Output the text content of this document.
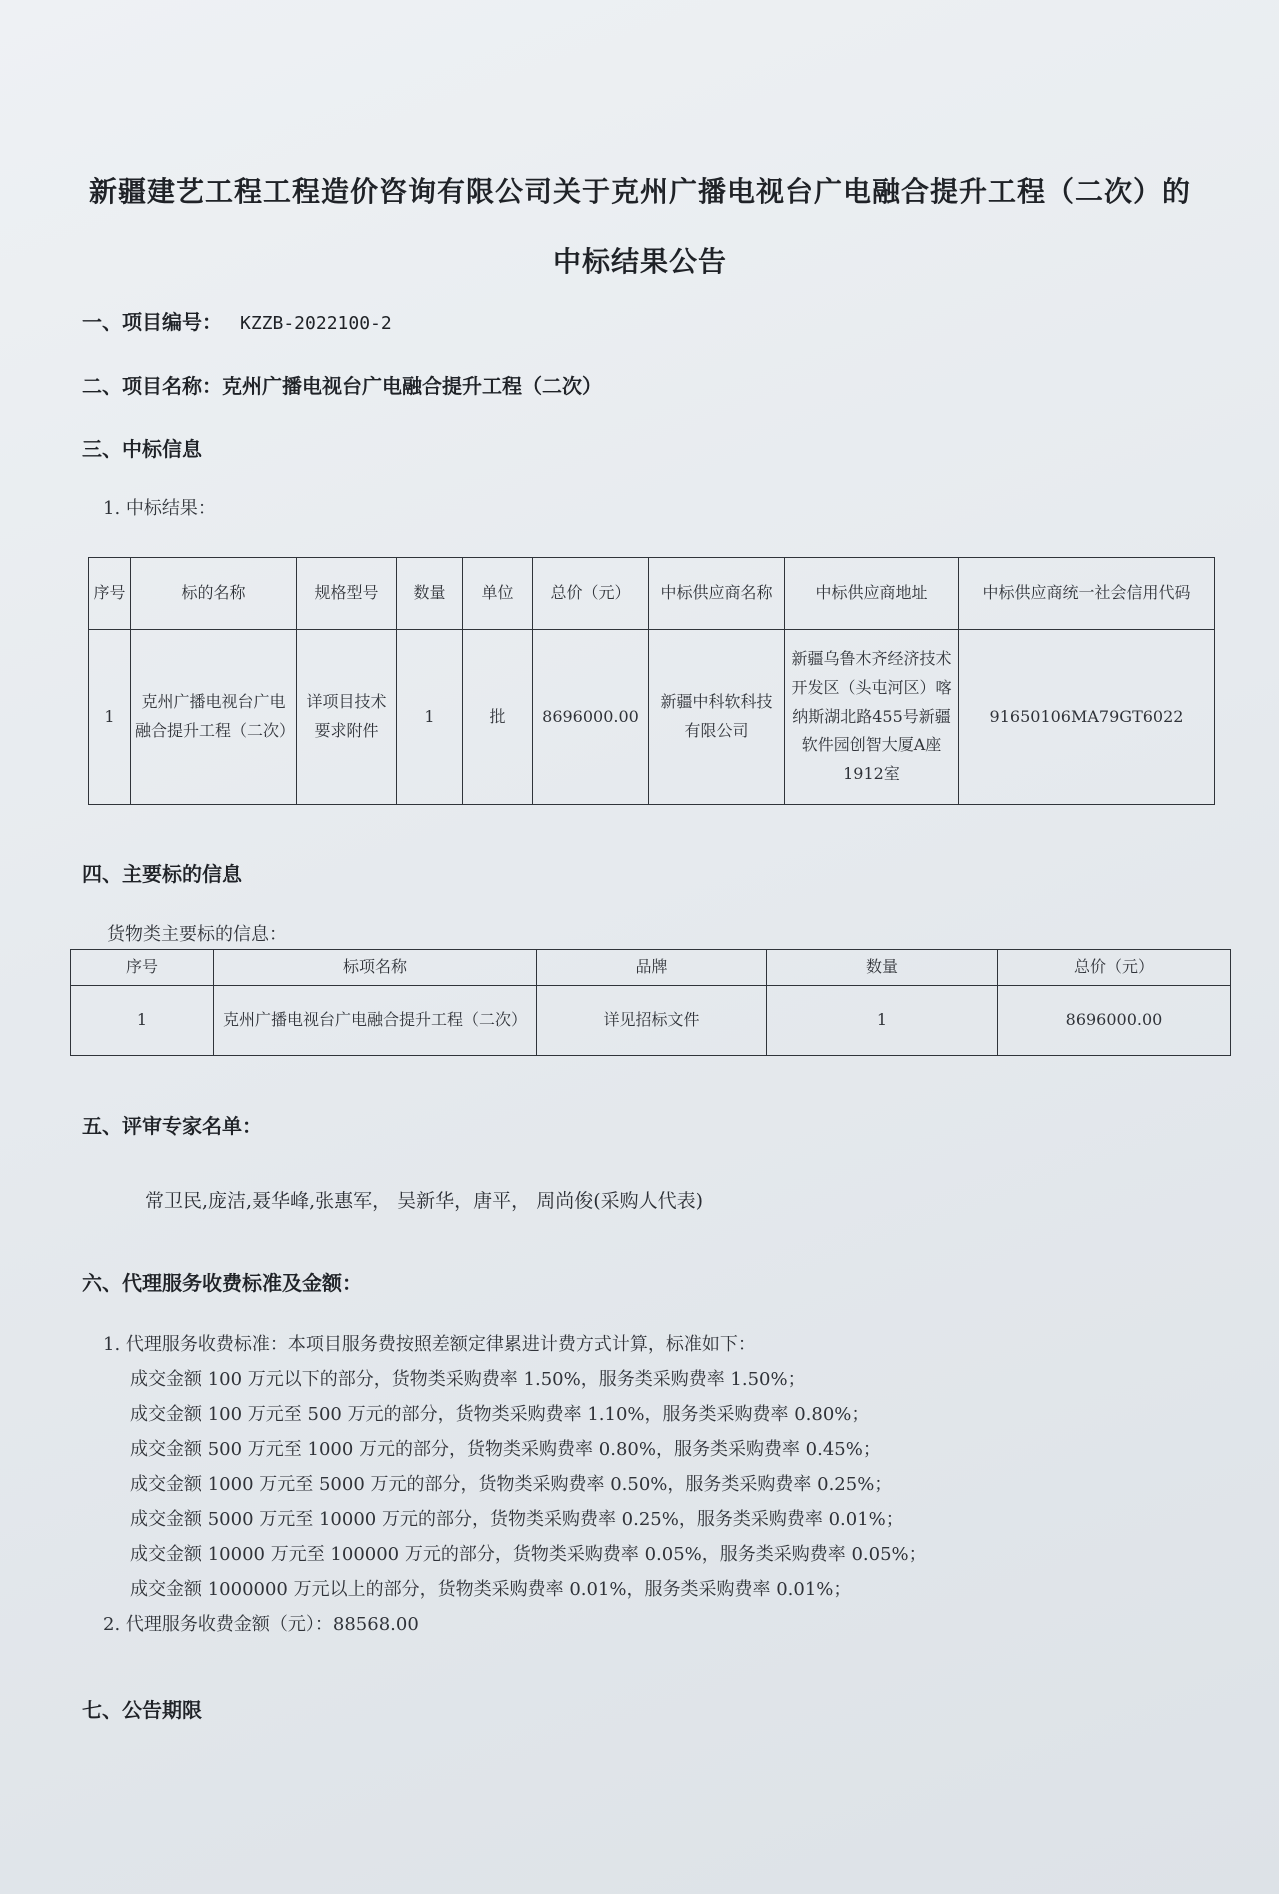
新疆建艺工程工程造价咨询有限公司关于克州广播电视台广电融合提升工程（二次）的
中标结果公告
一、项目编号： KZZB-2022100-2
二、项目名称：克州广播电视台广电融合提升工程（二次）
三、中标信息
1. 中标结果：
序号	标的名称	规格型号	数量	单位	总价（元）	中标供应商名称	中标供应商地址	中标供应商统一社会信用代码
1	克州广播电视台广电融合提升工程（二次）	详项目技术要求附件	1	批	8696000.00	新疆中科软科技有限公司	新疆乌鲁木齐经济技术开发区（头屯河区）喀纳斯湖北路455号新疆软件园创智大厦A座1912室	91650106MA79GT6022
四、主要标的信息
货物类主要标的信息：
序号	标项名称	品牌	数量	总价（元）
1	克州广播电视台广电融合提升工程（二次）	详见招标文件	1	8696000.00
五、评审专家名单：
常卫民,庞洁,聂华峰,张惠军， 吴新华，唐平， 周尚俊(采购人代表)
六、代理服务收费标准及金额：
1. 代理服务收费标准：本项目服务费按照差额定律累进计费方式计算，标准如下：
成交金额 100 万元以下的部分，货物类采购费率 1.50%，服务类采购费率 1.50%；
成交金额 100 万元至 500 万元的部分，货物类采购费率 1.10%，服务类采购费率 0.80%；
成交金额 500 万元至 1000 万元的部分，货物类采购费率 0.80%，服务类采购费率 0.45%；
成交金额 1000 万元至 5000 万元的部分，货物类采购费率 0.50%，服务类采购费率 0.25%；
成交金额 5000 万元至 10000 万元的部分，货物类采购费率 0.25%，服务类采购费率 0.01%；
成交金额 10000 万元至 100000 万元的部分，货物类采购费率 0.05%，服务类采购费率 0.05%；
成交金额 1000000 万元以上的部分，货物类采购费率 0.01%，服务类采购费率 0.01%；
2. 代理服务收费金额（元）：88568.00
七、公告期限
